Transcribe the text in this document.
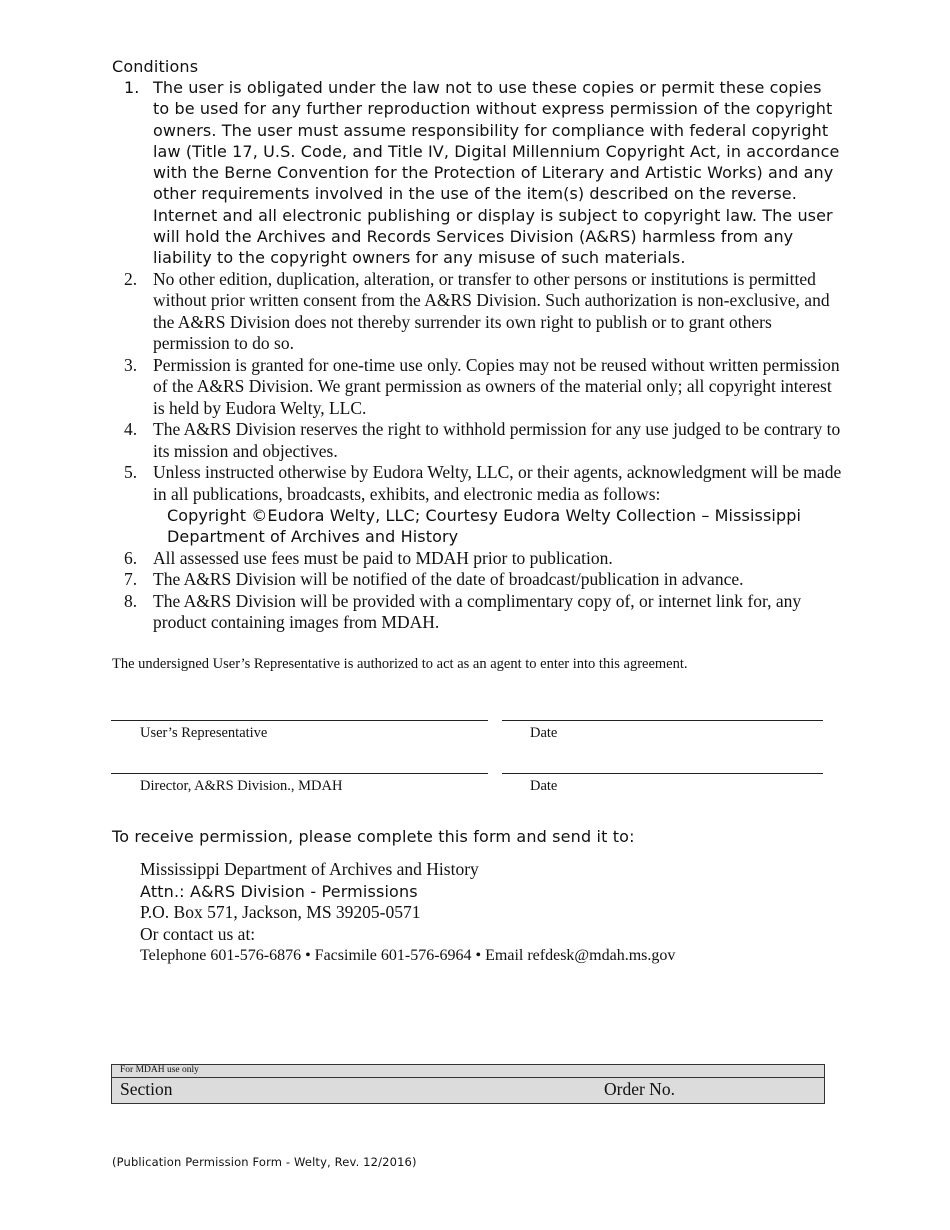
Conditions
1. The user is obligated under the law not to use these copies or permit these copies to be used for any further reproduction without express permission of the copyright owners. The user must assume responsibility for compliance with federal copyright law (Title 17, U.S. Code, and Title IV, Digital Millennium Copyright Act, in accordance with the Berne Convention for the Protection of Literary and Artistic Works) and any other requirements involved in the use of the item(s) described on the reverse. Internet and all electronic publishing or display is subject to copyright law. The user will hold the Archives and Records Services Division (A&RS) harmless from any liability to the copyright owners for any misuse of such materials.
2. No other edition, duplication, alteration, or transfer to other persons or institutions is permitted without prior written consent from the A&RS Division. Such authorization is non-exclusive, and the A&RS Division does not thereby surrender its own right to publish or to grant others permission to do so.
3. Permission is granted for one-time use only. Copies may not be reused without written permission of the A&RS Division. We grant permission as owners of the material only; all copyright interest is held by Eudora Welty, LLC.
4. The A&RS Division reserves the right to withhold permission for any use judged to be contrary to its mission and objectives.
5. Unless instructed otherwise by Eudora Welty, LLC, or their agents, acknowledgment will be made in all publications, broadcasts, exhibits, and electronic media as follows:
Copyright ©Eudora Welty, LLC; Courtesy Eudora Welty Collection – Mississippi Department of Archives and History
6. All assessed use fees must be paid to MDAH prior to publication.
7. The A&RS Division will be notified of the date of broadcast/publication in advance.
8. The A&RS Division will be provided with a complimentary copy of, or internet link for, any product containing images from MDAH.
The undersigned User’s Representative is authorized to act as an agent to enter into this agreement.
User’s Representative	Date
Director, A&RS Division., MDAH	Date
To receive permission, please complete this form and send it to:
Mississippi Department of Archives and History
Attn.: A&RS Division - Permissions
P.O. Box 571, Jackson, MS 39205-0571
Or contact us at:
Telephone 601-576-6876 • Facsimile 601-576-6964 • Email refdesk@mdah.ms.gov
For MDAH use only
Section	Order No.
(Publication Permission Form - Welty, Rev. 12/2016)
